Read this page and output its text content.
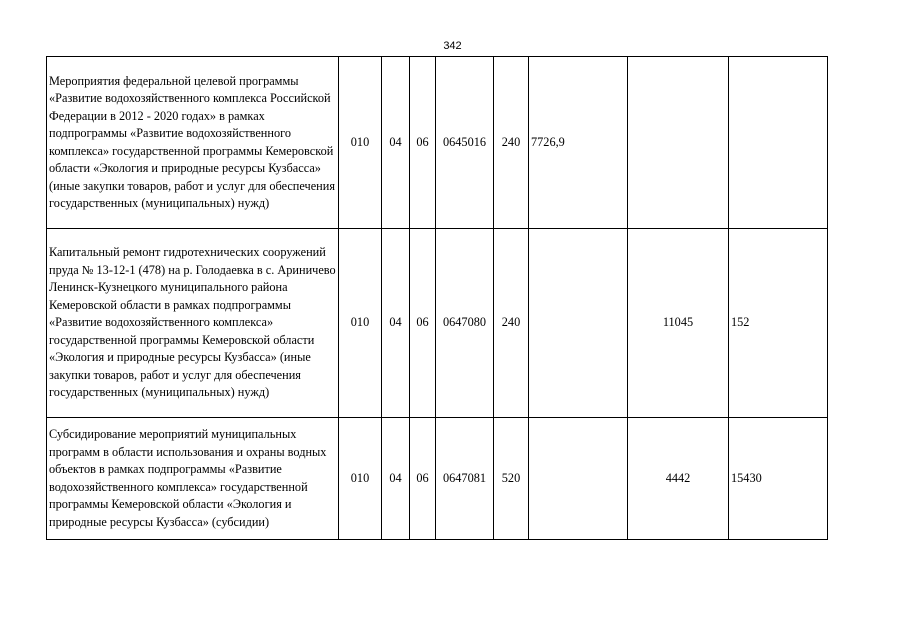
342
Мероприятия федеральной целевой программы «Развитие водохозяйственного комплекса Российской Федерации в 2012 - 2020 годах» в рамках подпрограммы «Развитие водохозяйственного комплекса» государственной программы Кемеровской области «Экология и природные ресурсы Кузбасса» (иные закупки товаров, работ и услуг для обеспечения государственных (муниципальных) нужд)	010	04	06	0645016	240	7726,9		
Капитальный ремонт гидротехнических сооружений пруда № 13-12-1 (478) на р. Голодаевка в с. Ариничево Ленинск-Кузнецкого муниципального района Кемеровской области в рамках подпрограммы «Развитие водохозяйственного комплекса» государственной программы Кемеровской области «Экология и природные ресурсы Кузбасса» (иные закупки товаров, работ и услуг для обеспечения государственных (муниципальных) нужд)	010	04	06	0647080	240		11045	152
Субсидирование мероприятий муниципальных программ в области использования и охраны водных объектов в рамках подпрограммы «Развитие водохозяйственного комплекса» государственной программы Кемеровской области «Экология и природные ресурсы Кузбасса» (субсидии)	010	04	06	0647081	520		4442	15430
